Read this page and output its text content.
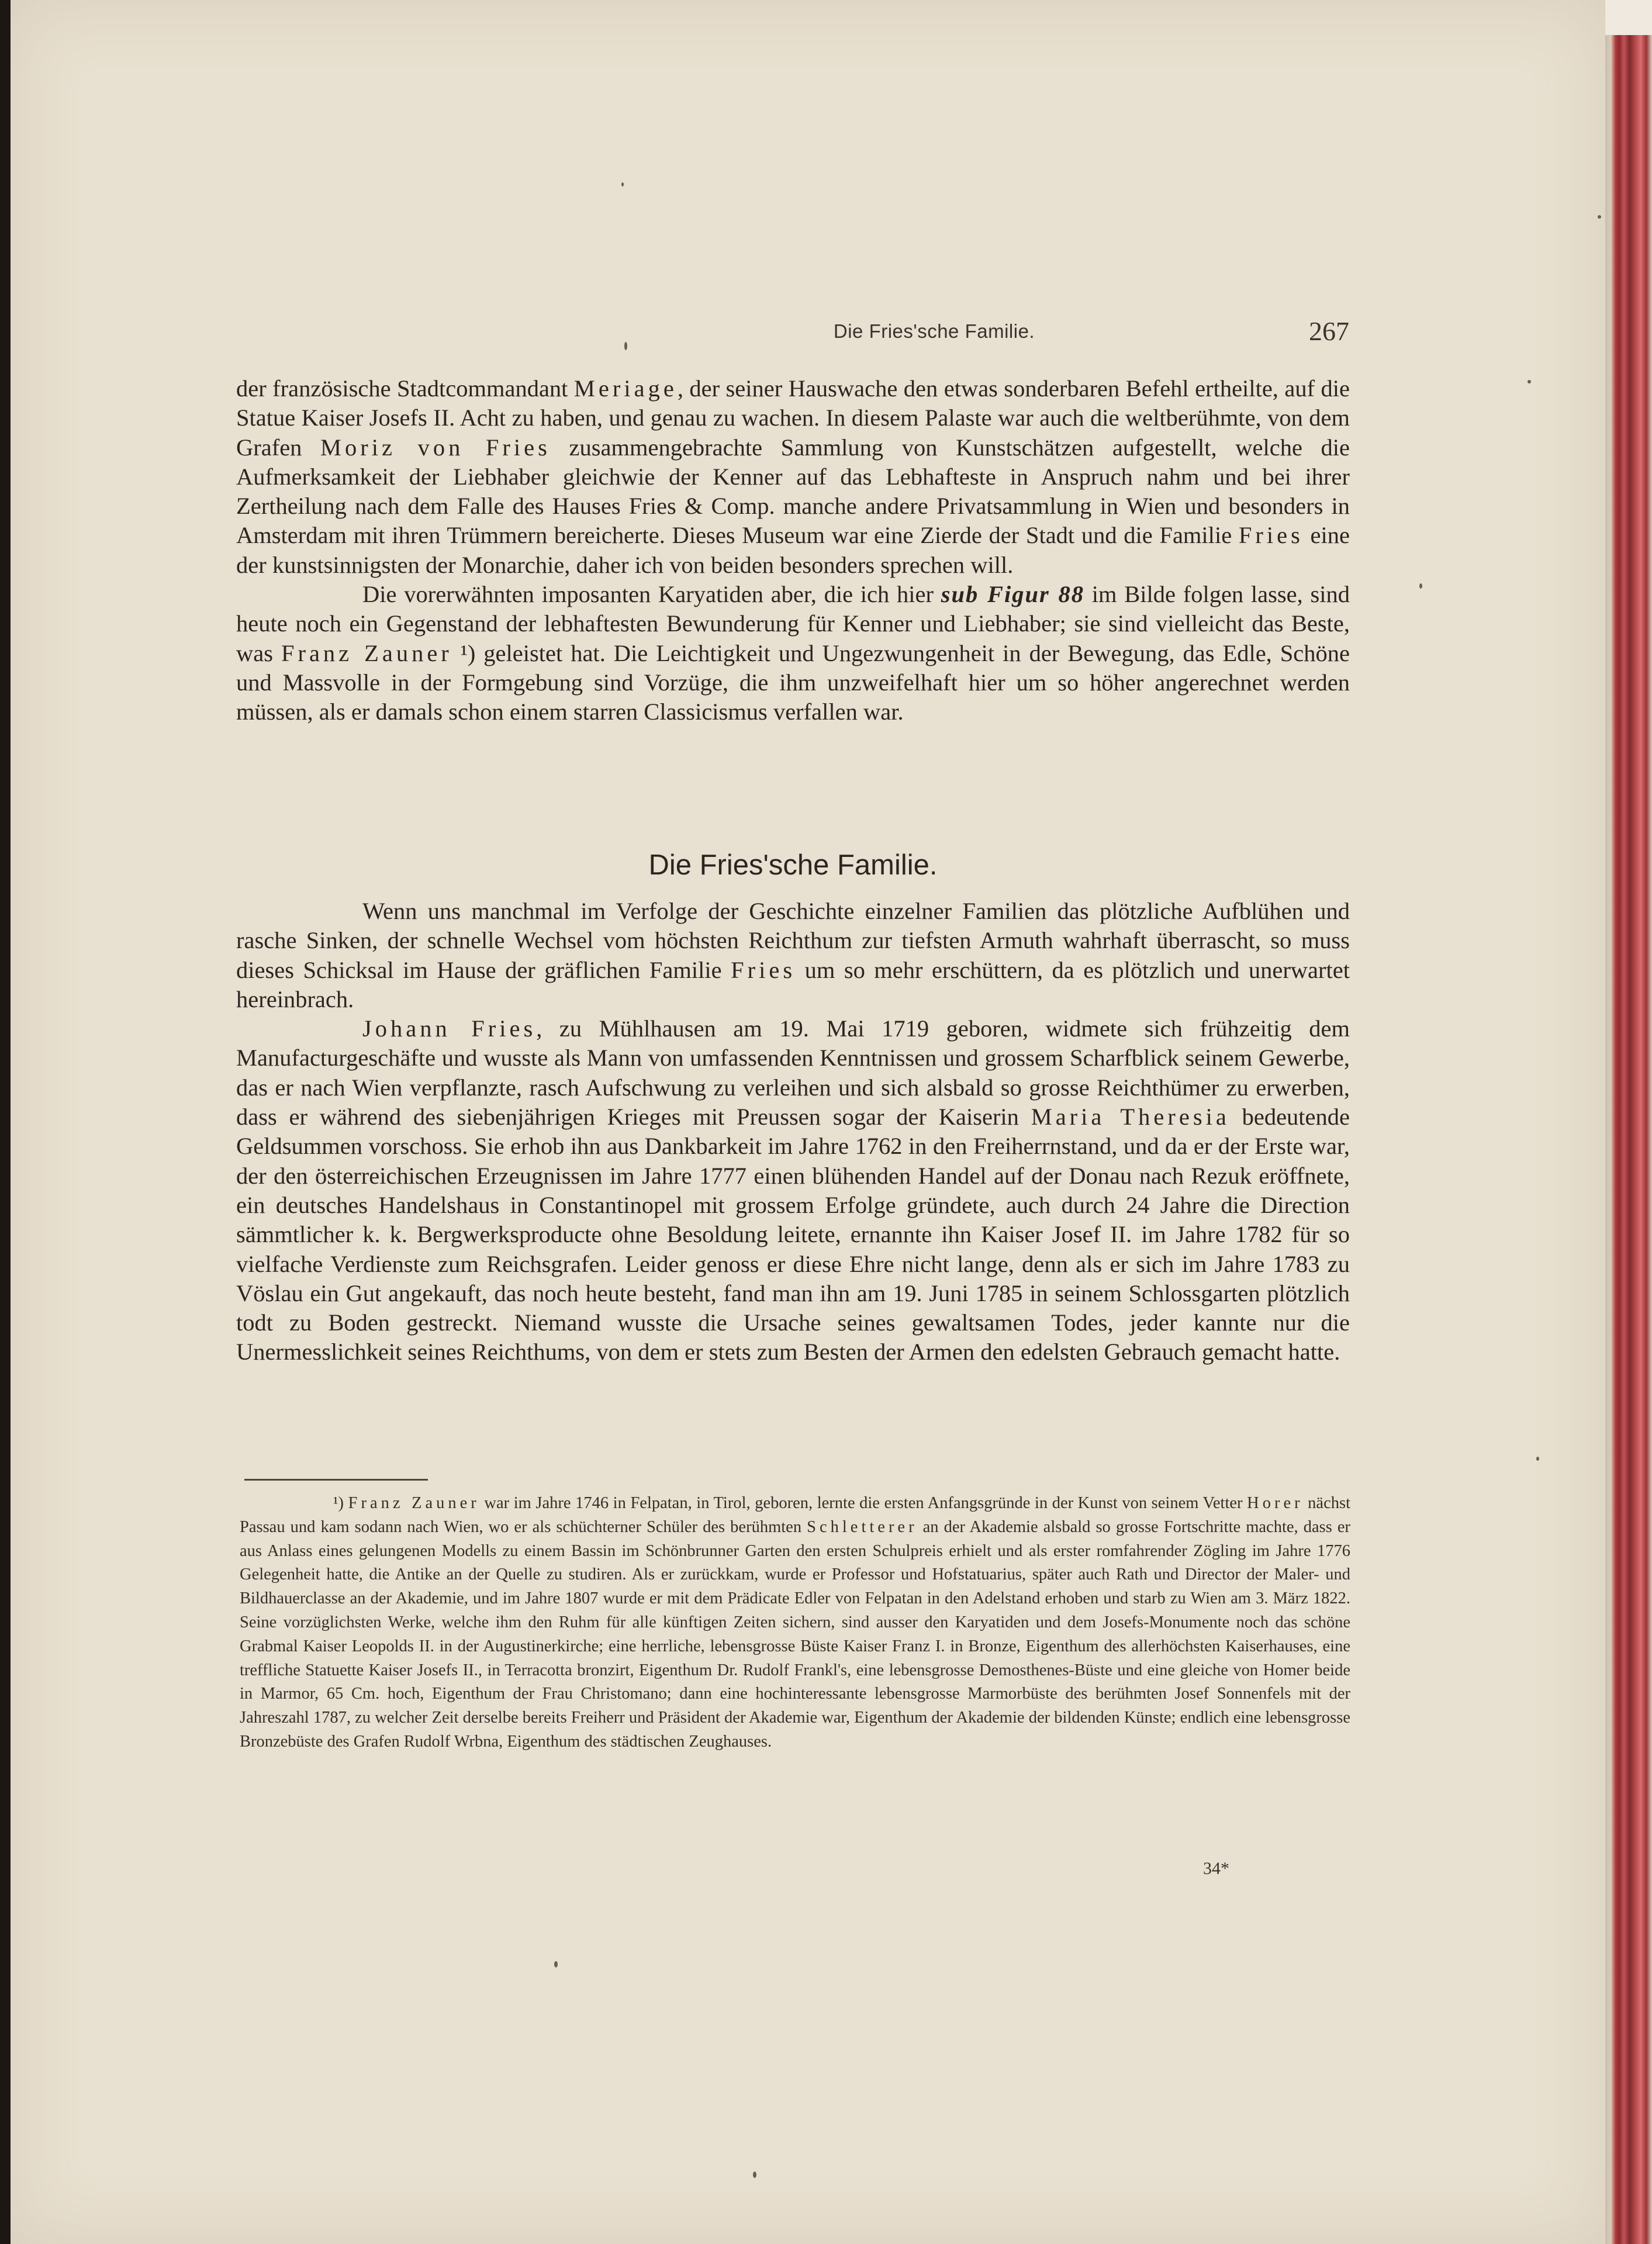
Die Fries'sche Familie.	267

der französische Stadtcommandant Meriage, der seiner Hauswache den etwas sonderbaren Befehl ertheilte, auf die Statue Kaiser Josefs II. Acht zu haben, und genau zu wachen. In diesem Palaste war auch die weltberühmte, von dem Grafen Moriz von Fries zusammengebrachte Sammlung von Kunstschätzen aufgestellt, welche die Aufmerksamkeit der Liebhaber gleichwie der Kenner auf das Lebhafteste in Anspruch nahm und bei ihrer Zertheilung nach dem Falle des Hauses Fries & Comp. manche andere Privatsammlung in Wien und besonders in Amsterdam mit ihren Trümmern bereicherte. Dieses Museum war eine Zierde der Stadt und die Familie Fries eine der kunstsinnigsten der Monarchie, daher ich von beiden besonders sprechen will.

Die vorerwähnten imposanten Karyatiden aber, die ich hier sub Figur 88 im Bilde folgen lasse, sind heute noch ein Gegenstand der lebhaftesten Bewunderung für Kenner und Liebhaber; sie sind vielleicht das Beste, was Franz Zauner ¹) geleistet hat. Die Leichtigkeit und Ungezwungenheit in der Bewegung, das Edle, Schöne und Massvolle in der Formgebung sind Vorzüge, die ihm unzweifelhaft hier um so höher angerechnet werden müssen, als er damals schon einem starren Classicismus verfallen war.

Die Fries'sche Familie.

Wenn uns manchmal im Verfolge der Geschichte einzelner Familien das plötzliche Aufblühen und rasche Sinken, der schnelle Wechsel vom höchsten Reichthum zur tiefsten Armuth wahrhaft überrascht, so muss dieses Schicksal im Hause der gräflichen Familie Fries um so mehr erschüttern, da es plötzlich und unerwartet hereinbrach.

Johann Fries, zu Mühlhausen am 19. Mai 1719 geboren, widmete sich frühzeitig dem Manufacturgeschäfte und wusste als Mann von umfassenden Kenntnissen und grossem Scharfblick seinem Gewerbe, das er nach Wien verpflanzte, rasch Aufschwung zu verleihen und sich alsbald so grosse Reichthümer zu erwerben, dass er während des siebenjährigen Krieges mit Preussen sogar der Kaiserin Maria Theresia bedeutende Geldsummen vorschoss. Sie erhob ihn aus Dankbarkeit im Jahre 1762 in den Freiherrnstand, und da er der Erste war, der den österreichischen Erzeugnissen im Jahre 1777 einen blühenden Handel auf der Donau nach Rezuk eröffnete, ein deutsches Handelshaus in Constantinopel mit grossem Erfolge gründete, auch durch 24 Jahre die Direction sämmtlicher k. k. Bergwerksproducte ohne Besoldung leitete, ernannte ihn Kaiser Josef II. im Jahre 1782 für so vielfache Verdienste zum Reichsgrafen. Leider genoss er diese Ehre nicht lange, denn als er sich im Jahre 1783 zu Vöslau ein Gut angekauft, das noch heute besteht, fand man ihn am 19. Juni 1785 in seinem Schlossgarten plötzlich todt zu Boden gestreckt. Niemand wusste die Ursache seines gewaltsamen Todes, jeder kannte nur die Unermesslichkeit seines Reichthums, von dem er stets zum Besten der Armen den edelsten Gebrauch gemacht hatte.

¹) Franz Zauner war im Jahre 1746 in Felpatan, in Tirol, geboren, lernte die ersten Anfangsgründe in der Kunst von seinem Vetter Horer nächst Passau und kam sodann nach Wien, wo er als schüchterner Schüler des berühmten Schletterer an der Akademie alsbald so grosse Fortschritte machte, dass er aus Anlass eines gelungenen Modells zu einem Bassin im Schönbrunner Garten den ersten Schulpreis erhielt und als erster romfahrender Zögling im Jahre 1776 Gelegenheit hatte, die Antike an der Quelle zu studiren. Als er zurückkam, wurde er Professor und Hofstatuarius, später auch Rath und Director der Maler- und Bildhauerclasse an der Akademie, und im Jahre 1807 wurde er mit dem Prädicate Edler von Felpatan in den Adelstand erhoben und starb zu Wien am 3. März 1822. Seine vorzüglichsten Werke, welche ihm den Ruhm für alle künftigen Zeiten sichern, sind ausser den Karyatiden und dem Josefs-Monumente noch das schöne Grabmal Kaiser Leopolds II. in der Augustinerkirche; eine herrliche, lebensgrosse Büste Kaiser Franz I. in Bronze, Eigenthum des allerhöchsten Kaiserhauses, eine treffliche Statuette Kaiser Josefs II., in Terracotta bronzirt, Eigenthum Dr. Rudolf Frankl's, eine lebensgrosse Demosthenes-Büste und eine gleiche von Homer beide in Marmor, 65 Cm. hoch, Eigenthum der Frau Christomano; dann eine hochinteressante lebensgrosse Marmorbüste des berühmten Josef Sonnenfels mit der Jahreszahl 1787, zu welcher Zeit derselbe bereits Freiherr und Präsident der Akademie war, Eigenthum der Akademie der bildenden Künste; endlich eine lebensgrosse Bronzebüste des Grafen Rudolf Wrbna, Eigenthum des städtischen Zeughauses.

34*
